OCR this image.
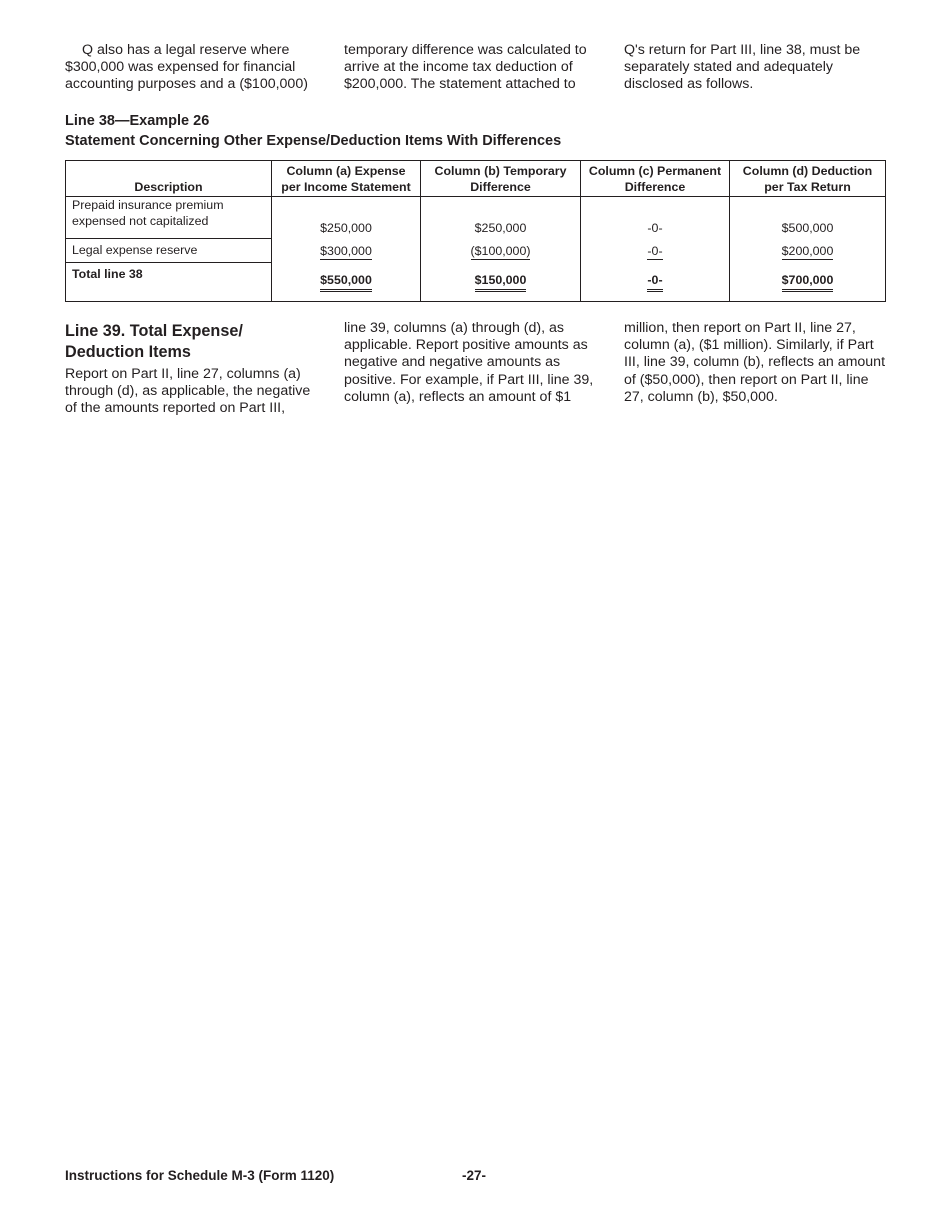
Q also has a legal reserve where $300,000 was expensed for financial accounting purposes and a ($100,000)

temporary difference was calculated to arrive at the income tax deduction of $200,000. The statement attached to

Q's return for Part III, line 38, must be separately stated and adequately disclosed as follows.

Line 38—Example 26
Statement Concerning Other Expense/Deduction Items With Differences
Description	Column (a) Expense per Income Statement	Column (b) Temporary Difference	Column (c) Permanent Difference	Column (d) Deduction per Tax Return
Prepaid insurance premium expensed not capitalized	$250,000	$250,000	-0-	$500,000
Legal expense reserve	$300,000	($100,000)	-0-	$200,000
Total line 38	$550,000	$150,000	-0-	$700,000
Line 39. Total Expense/ Deduction Items

Report on Part II, line 27, columns (a) through (d), as applicable, the negative of the amounts reported on Part III,

line 39, columns (a) through (d), as applicable. Report positive amounts as negative and negative amounts as positive. For example, if Part III, line 39, column (a), reflects an amount of $1

million, then report on Part II, line 27, column (a), ($1 million). Similarly, if Part III, line 39, column (b), reflects an amount of ($50,000), then report on Part II, line 27, column (b), $50,000.

Instructions for Schedule M-3 (Form 1120)	-27-
